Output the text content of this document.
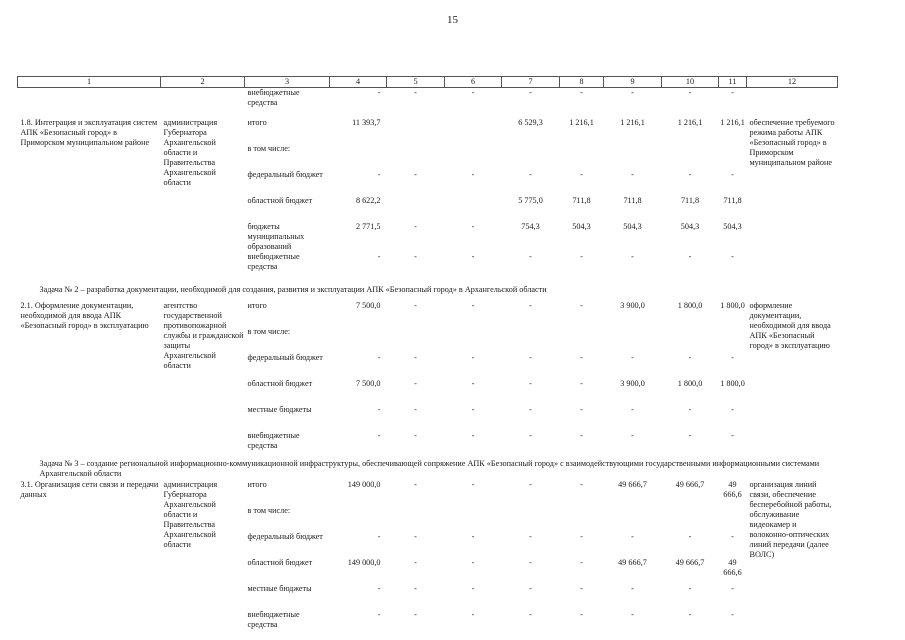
15
1	2	3	4	5	6	7	8	9	10	11	12
		внебюджетные средства	-	-	-	-	-	-	-	-	

1.8. Интеграция и эксплуатация систем АПК «Безопасный город» в Приморском муниципальном районе	администрация Губернатора Архангельской области и Правительства Архангельской области	итого	11 393,7			6 529,3	1 216,1	1 216,1	1 216,1	1 216,1	обеспечение требуемого режима работы АПК «Безопасный город» в Приморском муниципальном районе
		в том числе:									
		федеральный бюджет	-	-	-	-	-	-	-	-	
		областной бюджет	8 622,2			5 775,0	711,8	711,8	711,8	711,8	
		бюджеты муниципальных образований	2 771,5	-	-	754,3	504,3	504,3	504,3	504,3	
		внебюджетные средства	-	-	-	-	-	-	-	-	
Задача № 2 – разработка документации, необходимой для создания, развития и эксплуатации АПК «Безопасный город» в Архангельской области											
2.1. Оформление документации, необходимой для ввода АПК «Безопасный город» в эксплуатацию	агентство государственной противопожарной службы и гражданской защиты Архангельской области	итого	7 500,0	-	-	-	-	3 900,0	1 800,0	1 800,0	оформление документации, необходимой для ввода АПК «Безопасный город» в эксплуатацию
		в том числе:									
		федеральный бюджет	-	-	-	-	-	-	-	-	
		областной бюджет	7 500,0	-	-	-	-	3 900,0	1 800,0	1 800,0	
		местные бюджеты	-	-	-	-	-	-	-	-	
		внебюджетные средства	-	-	-	-	-	-	-	-	
Задача № 3 – создание региональной информационно-коммуникационной инфраструктуры, обеспечивающей сопряжение АПК «Безопасный город» с взаимодействующими государственными информационными системами Архангельской области											
3.1. Организация сети связи и передачи данных	администрация Губернатора Архангельской области и Правительства Архангельской области	итого	149 000,0	-	-	-	-	49 666,7	49 666,7	49 666,6	организация линий связи, обеспечение бесперебойной работы, обслуживание видеокамер и волоконно-оптических линий передачи (далее ВОЛС)
		в том числе:									
		федеральный бюджет	-	-	-	-	-	-	-	-	
		областной бюджет	149 000,0	-	-	-	-	49 666,7	49 666,7	49 666,6	
		местные бюджеты	-	-	-	-	-	-	-	-	
		внебюджетные средства	-	-	-	-	-	-	-	-	
